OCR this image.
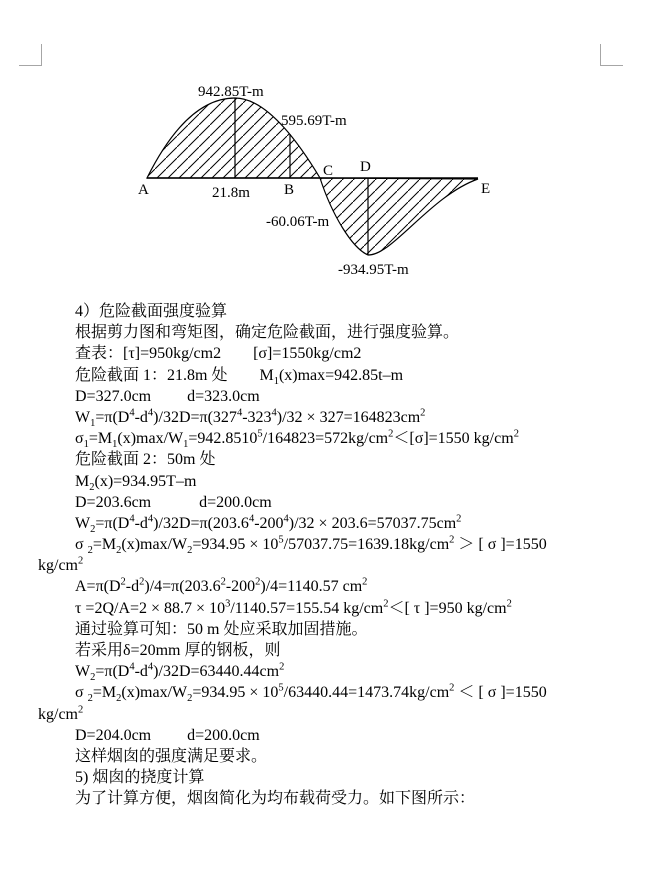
942.85T-m
595.69T-m
21.8m
-60.06T-m
-934.95T-m
A	B
C D
E
4）危险截面强度验算
根据剪力图和弯矩图，确定危险截面，进行强度验算。
查表：[τ]=950kg/cm2　　[σ]=1550kg/cm2
危险截面 1：21.8m 处　　$M_1(x)\max=942.85t-m$
D=327.0cm　　 d=323.0cm
$W_1=\pi(D^4-d^4)/32D=\pi(327^4-323^4)/32 \times 327=164823cm^2$
$\sigma_1=M_1(x)\max/W_1=942.8510^5/164823=572kg/cm^2<[\sigma]=1550$ $kg/cm^2$
危险截面 2：50m 处
$M_2(x)=934.95T-m$
D=203.6cm　　　d=200.0cm
$W_2=\pi(D^4-d^4)/32D=\pi(203.6^4-200^4)/32 \times 203.6=57037.75cm^2$
σ $_2=M_2(x)\max/W_2=934.95 \times 10^5/57037.75=1639.18kg/cm^2$ ＞ [ σ ]=1550
$kg/cm^2$
$A=\pi(D^2-d^2)/4=\pi(203.6^2-200^2)/4=1140.57$ $cm^2$
$\tau =2Q/A=2 \times 88.7 \times 10^3/1140.57=155.54$ $kg/cm^2<$[ τ ]=950 $kg/cm^2$
通过验算可知：50 m 处应采取加固措施。
若采用δ=20mm 厚的钢板，则
$W_2=\pi(D^4-d^4)/32D=63440.44cm^2$
σ $_2=M_2(x)\max/W_2=934.95 \times 10^5/63440.44=1473.74kg/cm^2$ ＜ [ σ ]=1550
$kg/cm^2$
D=204.0cm　　 d=200.0cm
这样烟囱的强度满足要求。
5) 烟囱的挠度计算
为了计算方便，烟囱简化为均布载荷受力。如下图所示：
